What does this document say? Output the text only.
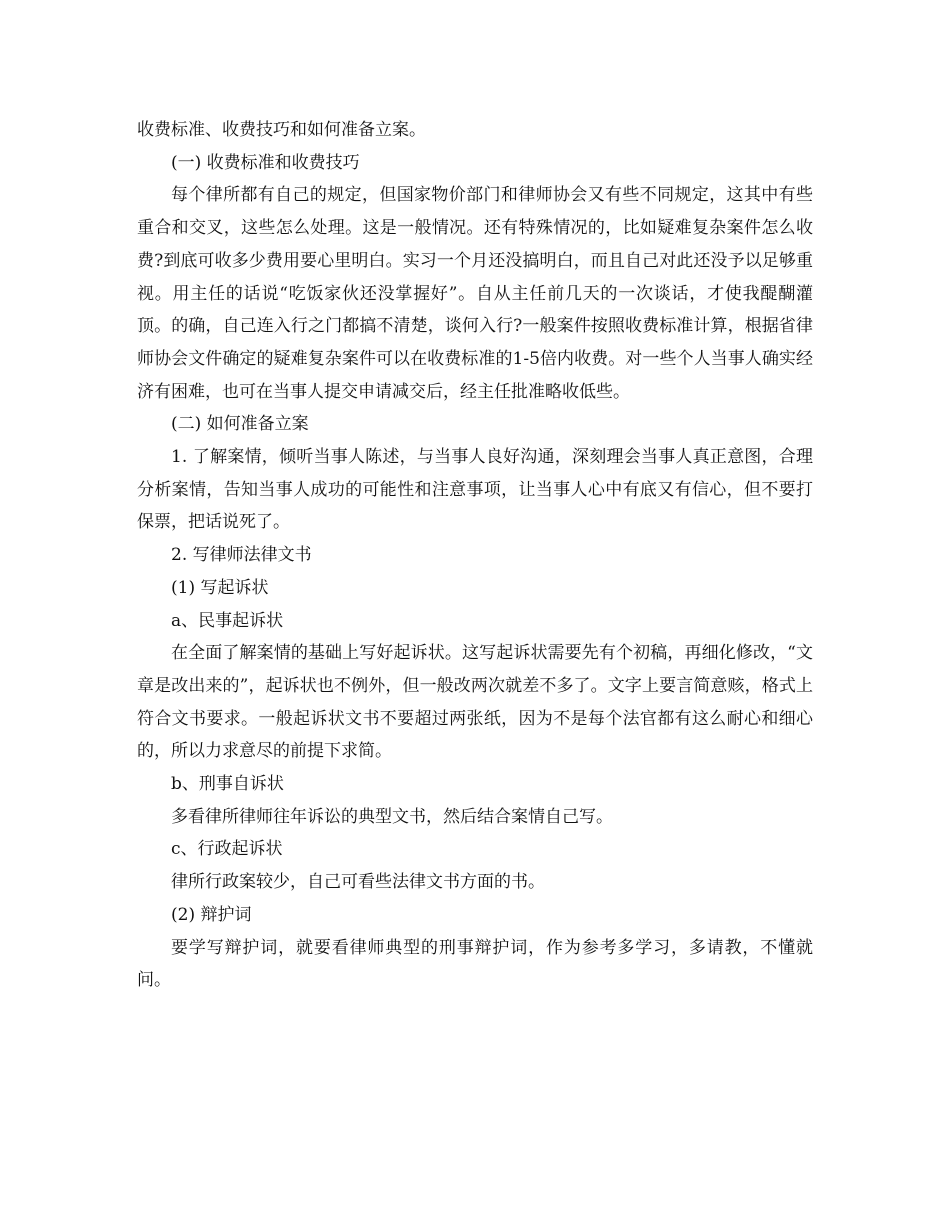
收费标准、收费技巧和如何准备立案。

(一) 收费标准和收费技巧

每个律所都有自己的规定，但国家物价部门和律师协会又有些不同规定，这其中有些重合和交叉，这些怎么处理。这是一般情况。还有特殊情况的，比如疑难复杂案件怎么收费?到底可收多少费用要心里明白。实习一个月还没搞明白，而且自己对此还没予以足够重视。用主任的话说“吃饭家伙还没掌握好”。自从主任前几天的一次谈话，才使我醍醐灌顶。的确，自己连入行之门都搞不清楚，谈何入行?一般案件按照收费标准计算，根据省律师协会文件确定的疑难复杂案件可以在收费标准的1-5倍内收费。对一些个人当事人确实经济有困难，也可在当事人提交申请减交后，经主任批准略收低些。

(二) 如何准备立案

1. 了解案情，倾听当事人陈述，与当事人良好沟通，深刻理会当事人真正意图，合理分析案情，告知当事人成功的可能性和注意事项，让当事人心中有底又有信心，但不要打保票，把话说死了。

2. 写律师法律文书

(1) 写起诉状

a、民事起诉状

在全面了解案情的基础上写好起诉状。这写起诉状需要先有个初稿，再细化修改，“文章是改出来的”，起诉状也不例外，但一般改两次就差不多了。文字上要言简意赅，格式上符合文书要求。一般起诉状文书不要超过两张纸，因为不是每个法官都有这么耐心和细心的，所以力求意尽的前提下求简。

b、刑事自诉状

多看律所律师往年诉讼的典型文书，然后结合案情自己写。

c、行政起诉状

律所行政案较少，自己可看些法律文书方面的书。

(2) 辩护词

要学写辩护词，就要看律师典型的刑事辩护词，作为参考多学习，多请教，不懂就问。
